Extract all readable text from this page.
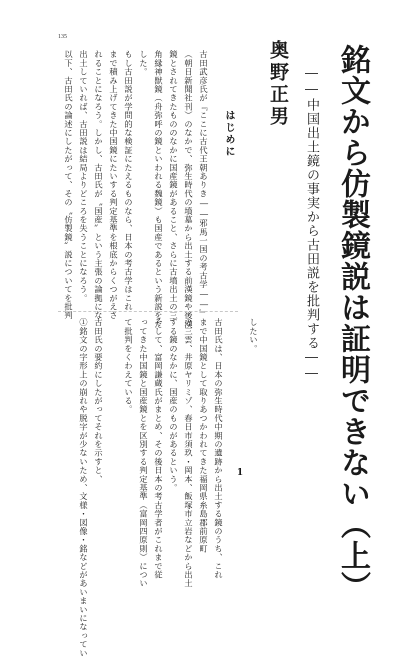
135
銘文から仿製鏡説は証明できない（上）
――中国出土鏡の事実から古田説を批判する――
奥野正男
はじめに

古田武彦氏が『ここに古代王朝ありき――邪馬一国の考古学――』

（朝日新聞社刊）のなかで、弥生時代の墳墓から出土する前漢鏡や後漢

鏡とされてきたもののなかに国産鏡があること、さらに古墳出土の三

角縁神獣鏡（舟弥呼の鏡といわれる魏鏡）も国産であるという新説をだ

した。

もし古田説が学問的な検証にたえるものなら、日本の考古学はこれ

まで積み上げてきた中国鏡にたいする判定基準を根底からくつがえさ

れることになろう。しかし、古田氏が〝国産〟という主張の論拠にな

出土していれば、古田説は結局よりどころを失うことになろう。

以下、古田氏の論述にしたがって、その〝仿製鏡〟説についてを批判

1

したい。

古田氏は、日本の弥生時代中期の遺跡から出土する鏡のうち、これ

まで中国鏡として取りあつかわれてきた福岡県糸島郡前原町

の三雲、井原ヤリミゾ、春日市須玖・岡本、飯塚市立岩などから出土

する鏡のなかに、国産のものがあるという。

そして、富岡謙蔵氏がまとめ、その後日本の考古学者がこれまで従

ってきた中国鏡と国産鏡とを区別する判定基準（富岡四原則）につい

て批判をくわえている。

古田氏の要約にしたがってそれを示すと、

①銘文の字形上の崩れや脱字が少ないため、文様・図像・銘などがあいまいになってい
